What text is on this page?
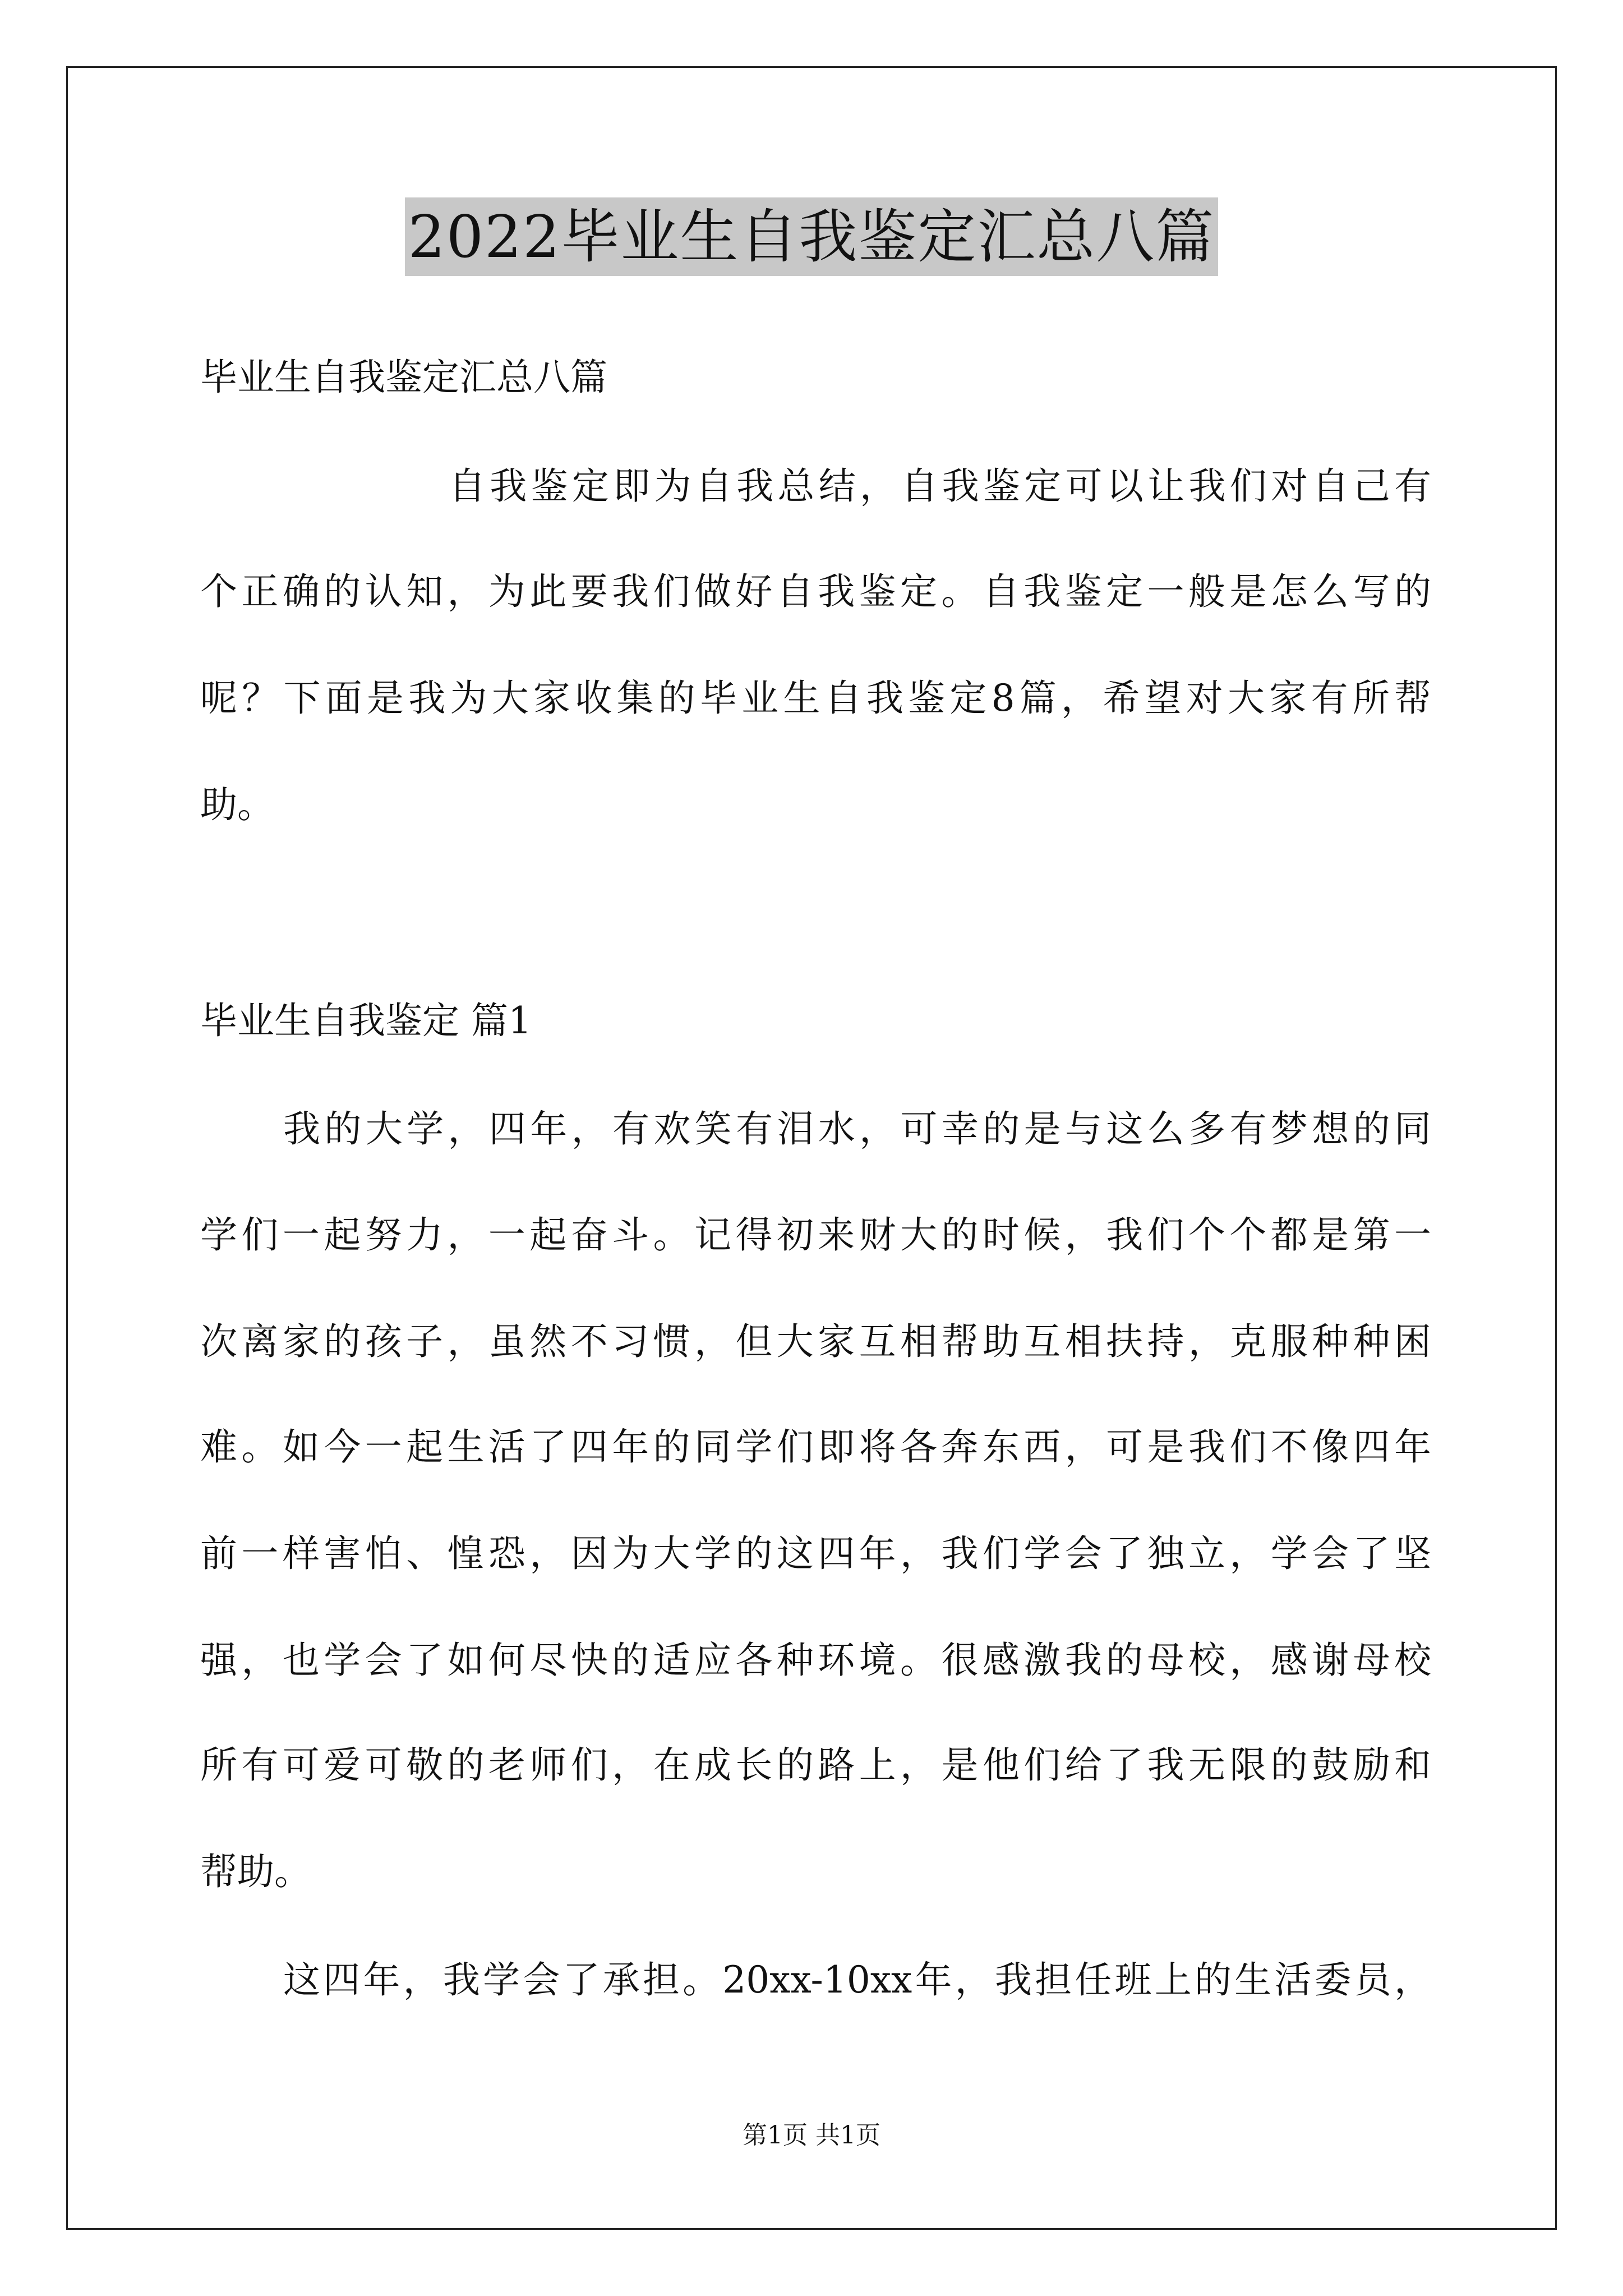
2022毕业生自我鉴定汇总八篇
毕业生自我鉴定汇总八篇
自我鉴定即为自我总结，自我鉴定可以让我们对自己有
个正确的认知，为此要我们做好自我鉴定。自我鉴定一般是怎么写的
呢？下面是我为大家收集的毕业生自我鉴定8篇，希望对大家有所帮
助。
毕业生自我鉴定 篇1
我的大学，四年，有欢笑有泪水，可幸的是与这么多有梦想的同
学们一起努力，一起奋斗。记得初来财大的时候，我们个个都是第一
次离家的孩子，虽然不习惯，但大家互相帮助互相扶持，克服种种困
难。如今一起生活了四年的同学们即将各奔东西，可是我们不像四年
前一样害怕、惶恐，因为大学的这四年，我们学会了独立，学会了坚
强，也学会了如何尽快的适应各种环境。很感激我的母校，感谢母校
所有可爱可敬的老师们，在成长的路上，是他们给了我无限的鼓励和
帮助。
这四年，我学会了承担。20xx-10xx年，我担任班上的生活委员，
第1页 共1页
